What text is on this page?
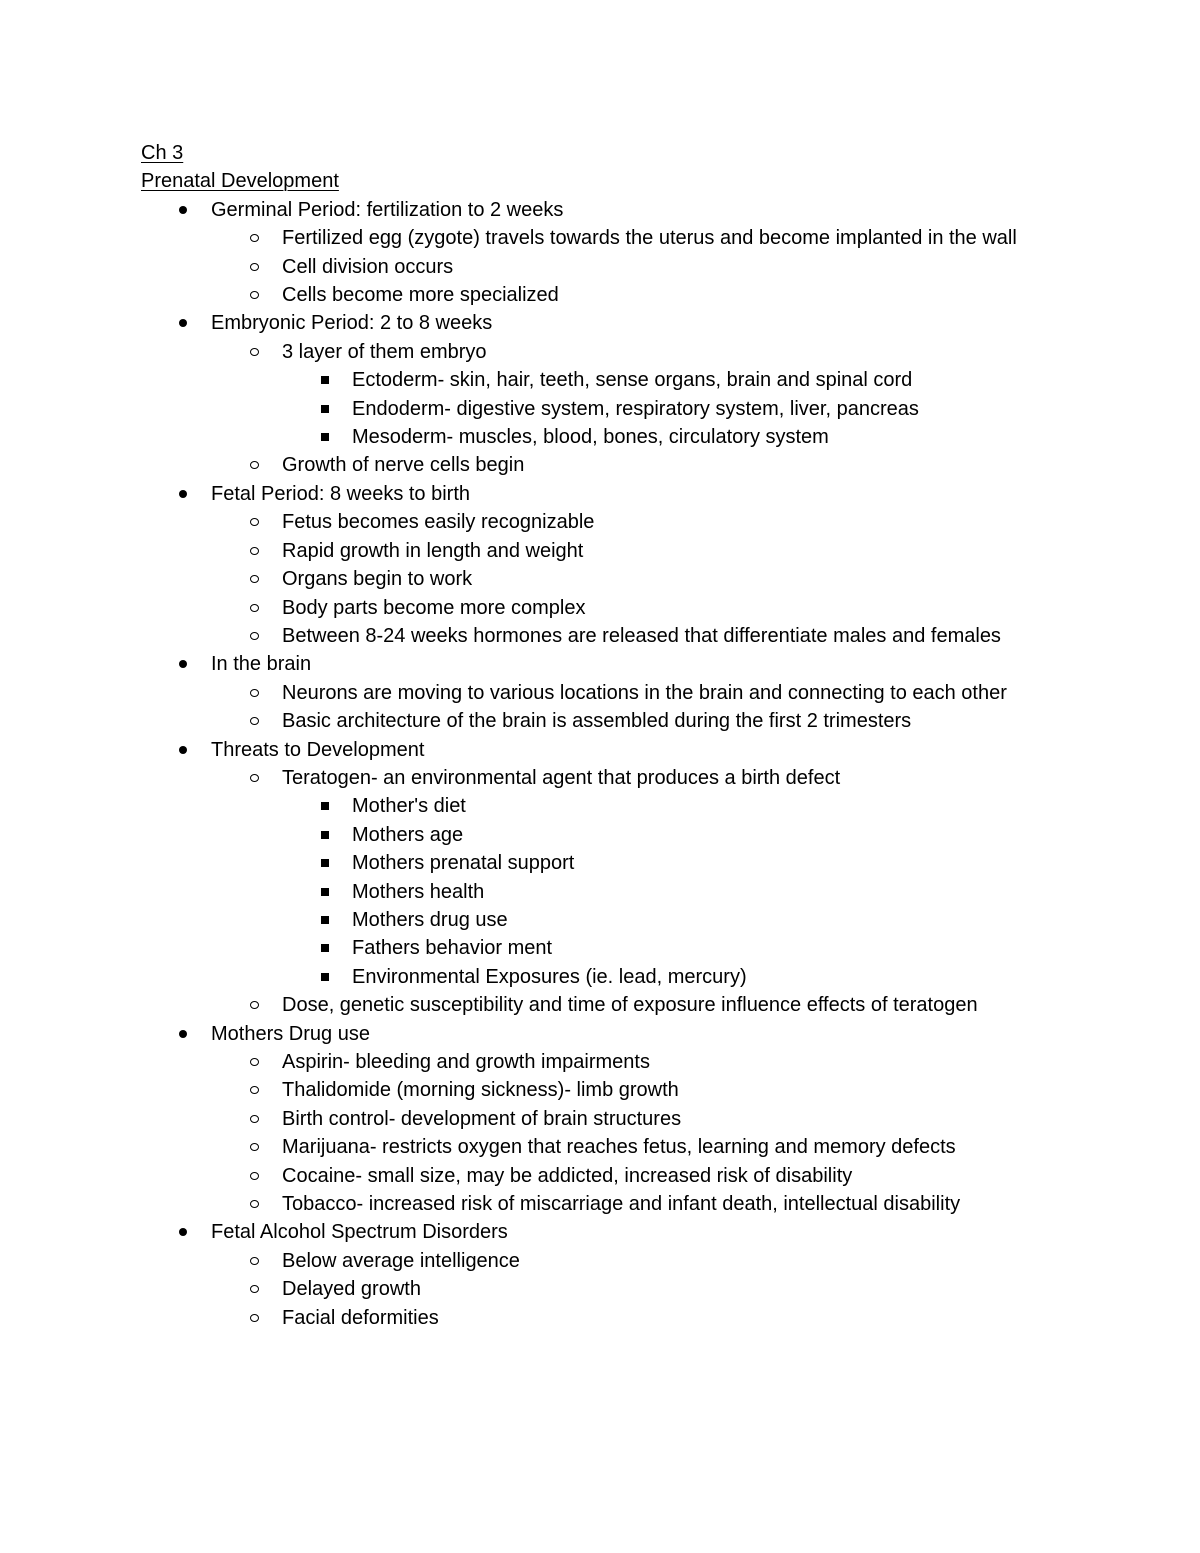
Ch 3
Prenatal Development
Germinal Period: fertilization to 2 weeks
Fertilized egg (zygote) travels towards the uterus and become implanted in the wall
Cell division occurs
Cells become more specialized
Embryonic Period: 2 to 8 weeks
3 layer of them embryo
Ectoderm- skin, hair, teeth, sense organs, brain and spinal cord
Endoderm- digestive system, respiratory system, liver, pancreas
Mesoderm- muscles, blood, bones, circulatory system
Growth of nerve cells begin
Fetal Period: 8 weeks to birth
Fetus becomes easily recognizable
Rapid growth in length and weight
Organs begin to work
Body parts become more complex
Between 8-24 weeks hormones are released that differentiate males and females
In the brain
Neurons are moving to various locations in the brain and connecting to each other
Basic architecture of the brain is assembled during the first 2 trimesters
Threats to Development
Teratogen- an environmental agent that produces a birth defect
Mother's diet
Mothers age
Mothers prenatal support
Mothers health
Mothers drug use
Fathers behavior ment
Environmental Exposures (ie. lead, mercury)
Dose, genetic susceptibility and time of exposure influence effects of teratogen
Mothers Drug use
Aspirin- bleeding and growth impairments
Thalidomide (morning sickness)- limb growth
Birth control- development of brain structures
Marijuana- restricts oxygen that reaches fetus, learning and memory defects
Cocaine- small size, may be addicted, increased risk of disability
Tobacco- increased risk of miscarriage and infant death, intellectual disability
Fetal Alcohol Spectrum Disorders
Below average intelligence
Delayed growth
Facial deformities
